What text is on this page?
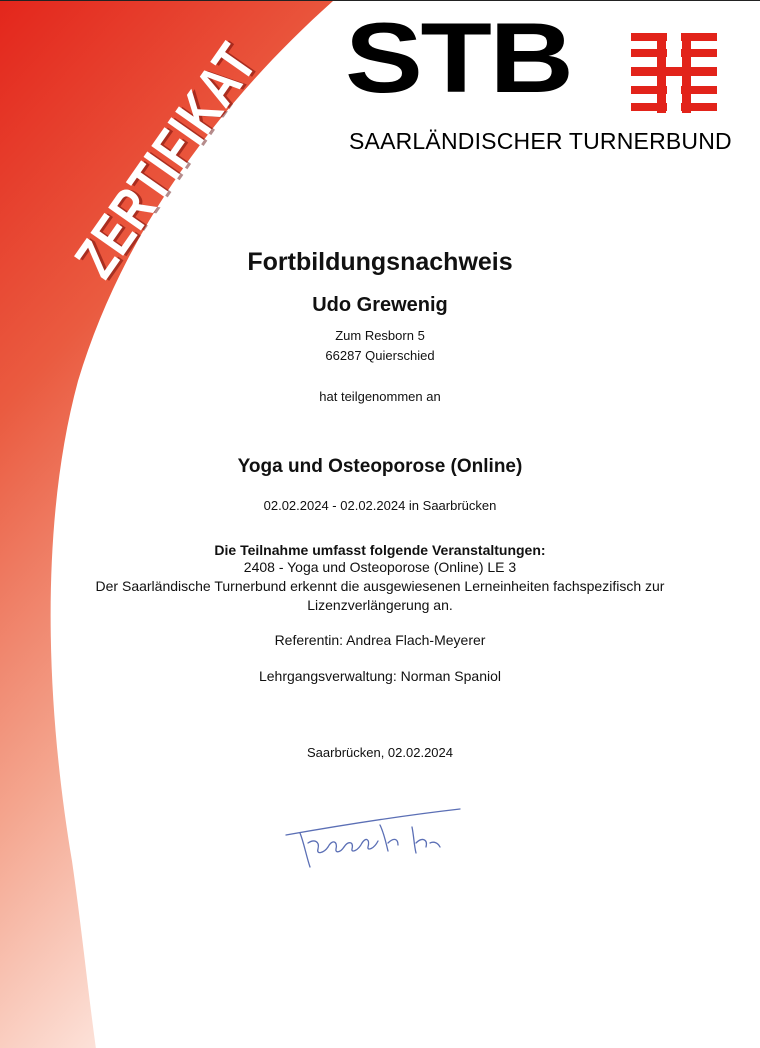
ZERTIFIKAT STB
SAARLÄNDISCHER TURNERBUND
Fortbildungsnachweis
Udo Grewenig
Zum Resborn 5
66287 Quierschied
hat teilgenommen an
Yoga und Osteoporose (Online)
02.02.2024 - 02.02.2024 in Saarbrücken
Die Teilnahme umfasst folgende Veranstaltungen:
2408 - Yoga und Osteoporose (Online) LE 3
Der Saarländische Turnerbund erkennt die ausgewiesenen Lerneinheiten fachspezifisch zur
Lizenzverlängerung an.
Referentin: Andrea Flach-Meyerer
Lehrgangsverwaltung: Norman Spaniol
Saarbrücken, 02.02.2024
